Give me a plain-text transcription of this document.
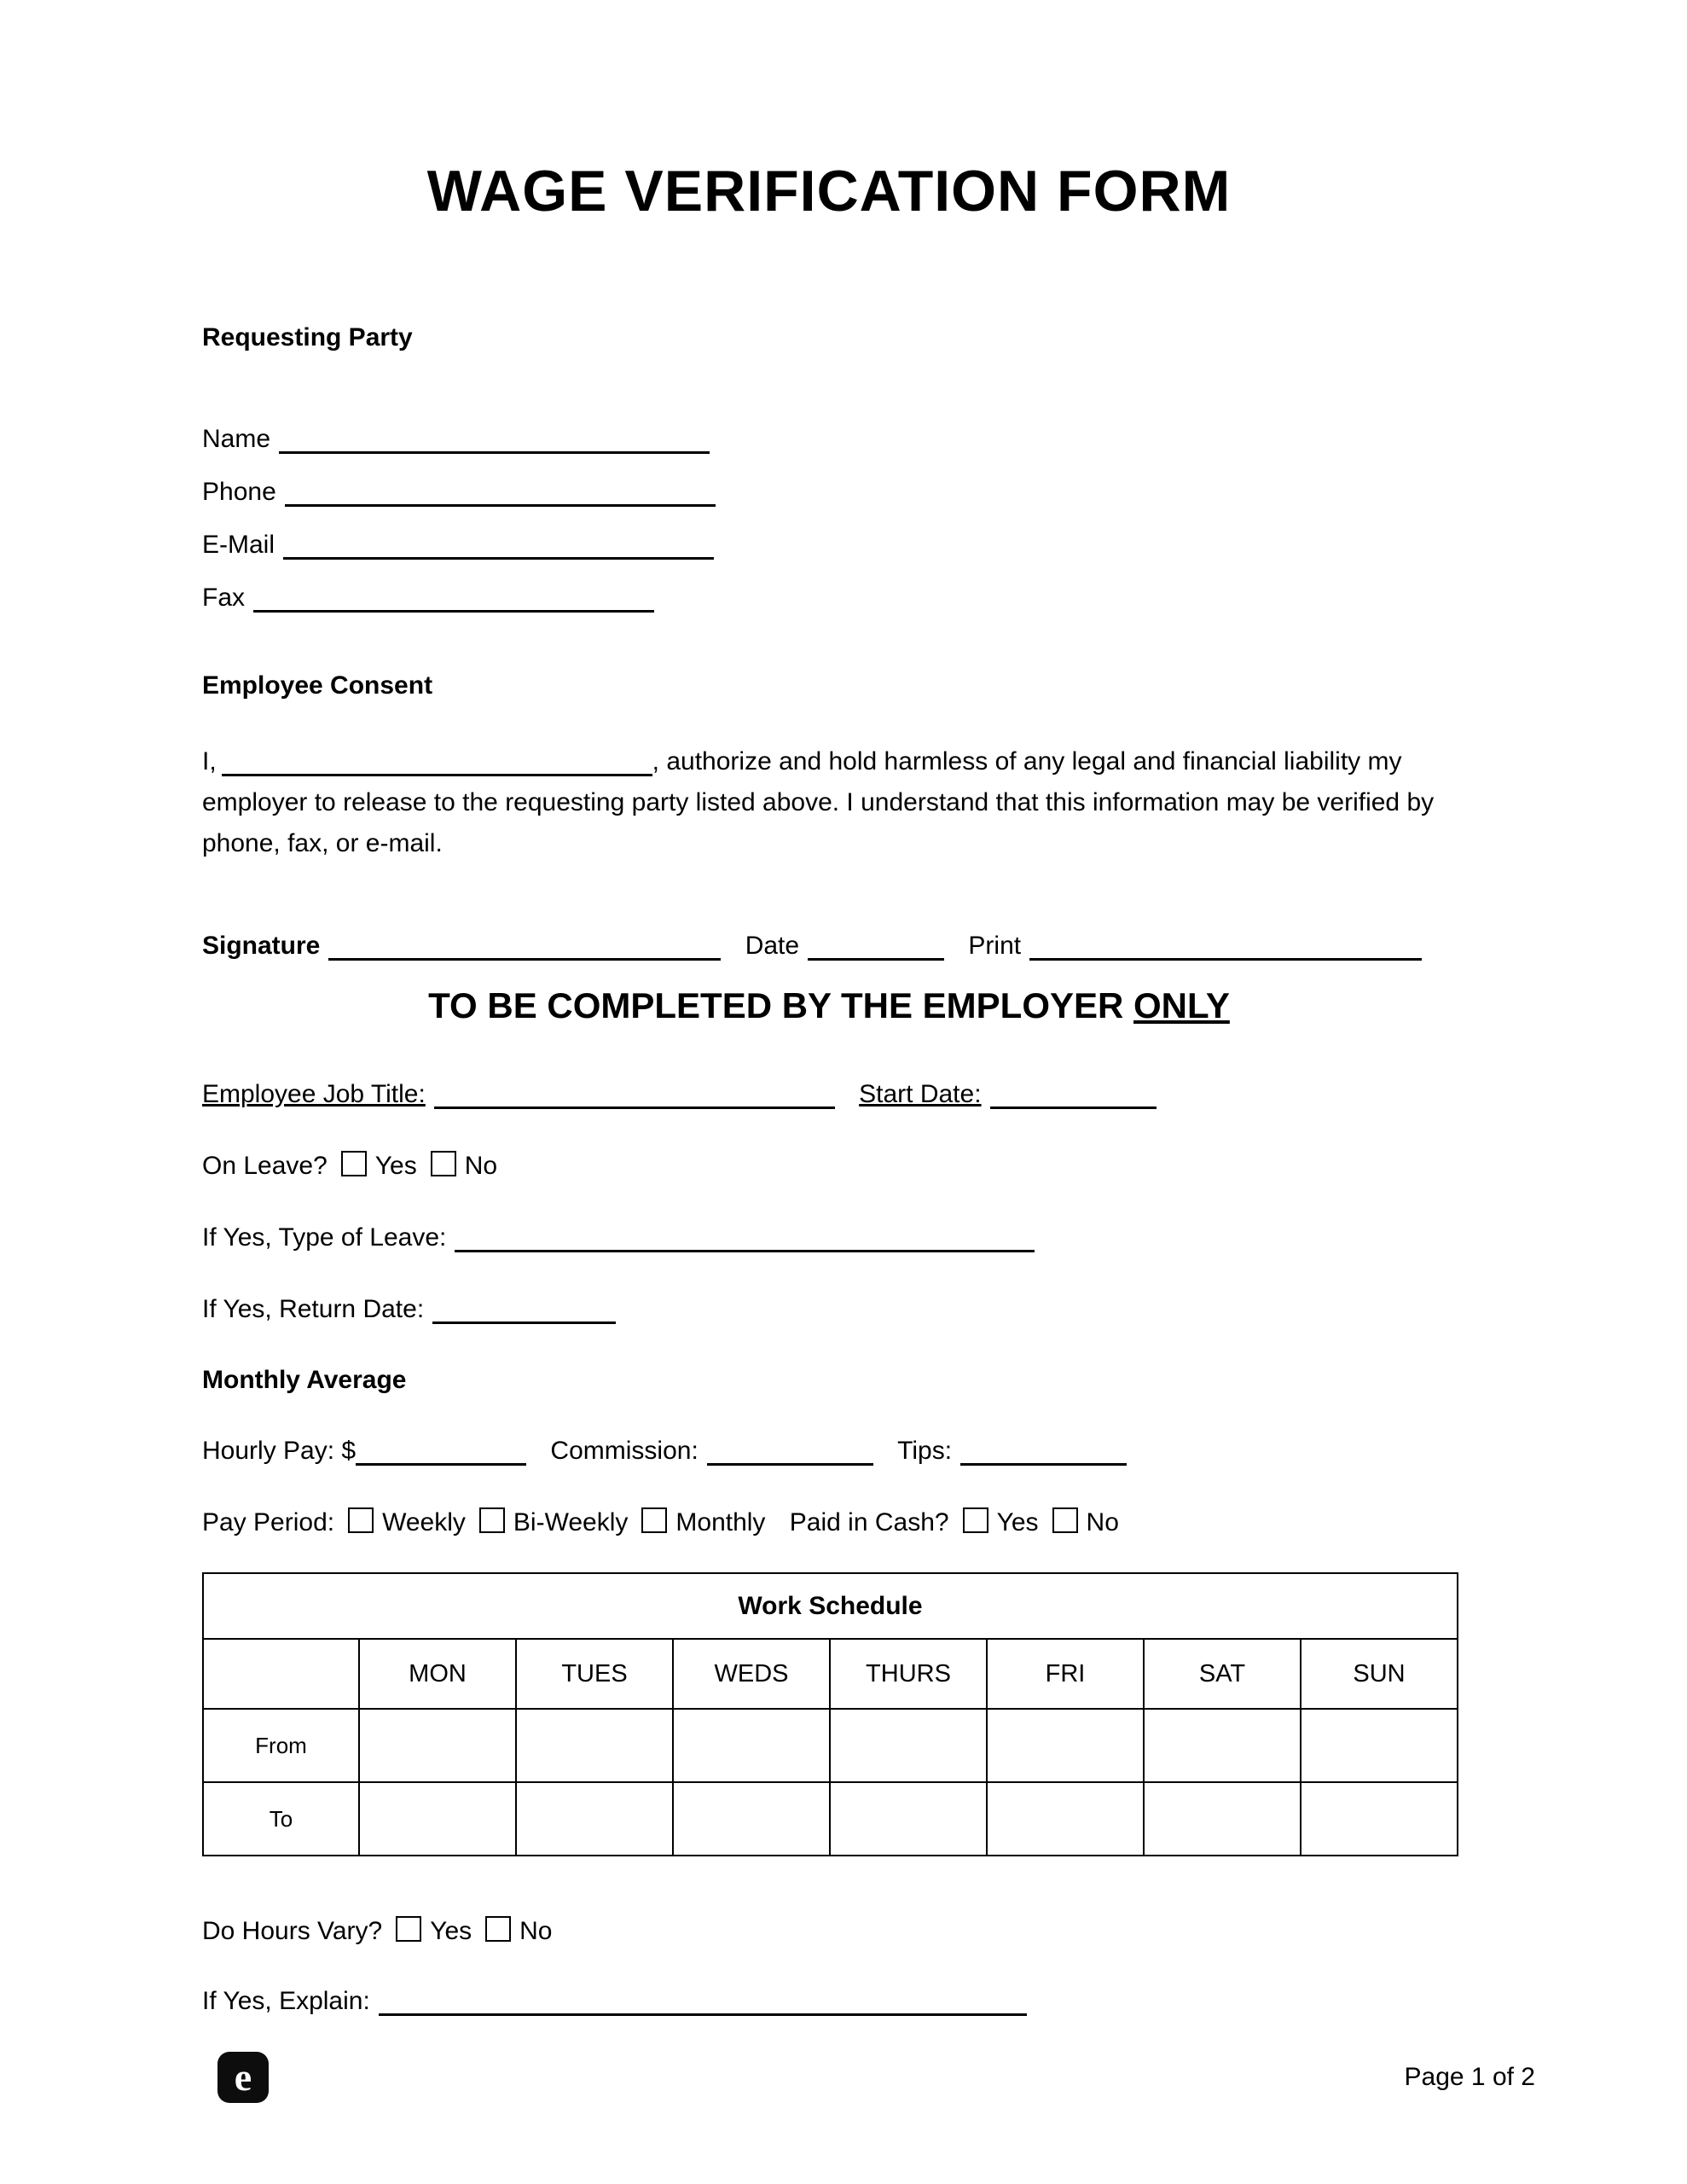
WAGE VERIFICATION FORM
Requesting Party
Name
Phone
E-Mail
Fax
Employee Consent

I,	, authorize and hold harmless of any legal and financial liability my employer to release to the requesting party listed above. I understand that this information may be verified by phone, fax, or e-mail.

Signature	Date	Print
TO BE COMPLETED BY THE EMPLOYER ONLY
Employee Job Title:	Start Date:
On Leave? Yes No
If Yes, Type of Leave:
If Yes, Return Date:
Monthly Average
Hourly Pay: $	Commission:	Tips:
Pay Period: Weekly Bi-Weekly Monthly Paid in Cash? Yes No
Work Schedule							
	MON	TUES	WEDS	THURS	FRI	SAT	SUN
From							
To							
Do Hours Vary? Yes No
If Yes, Explain:
e	Page 1 of 2
